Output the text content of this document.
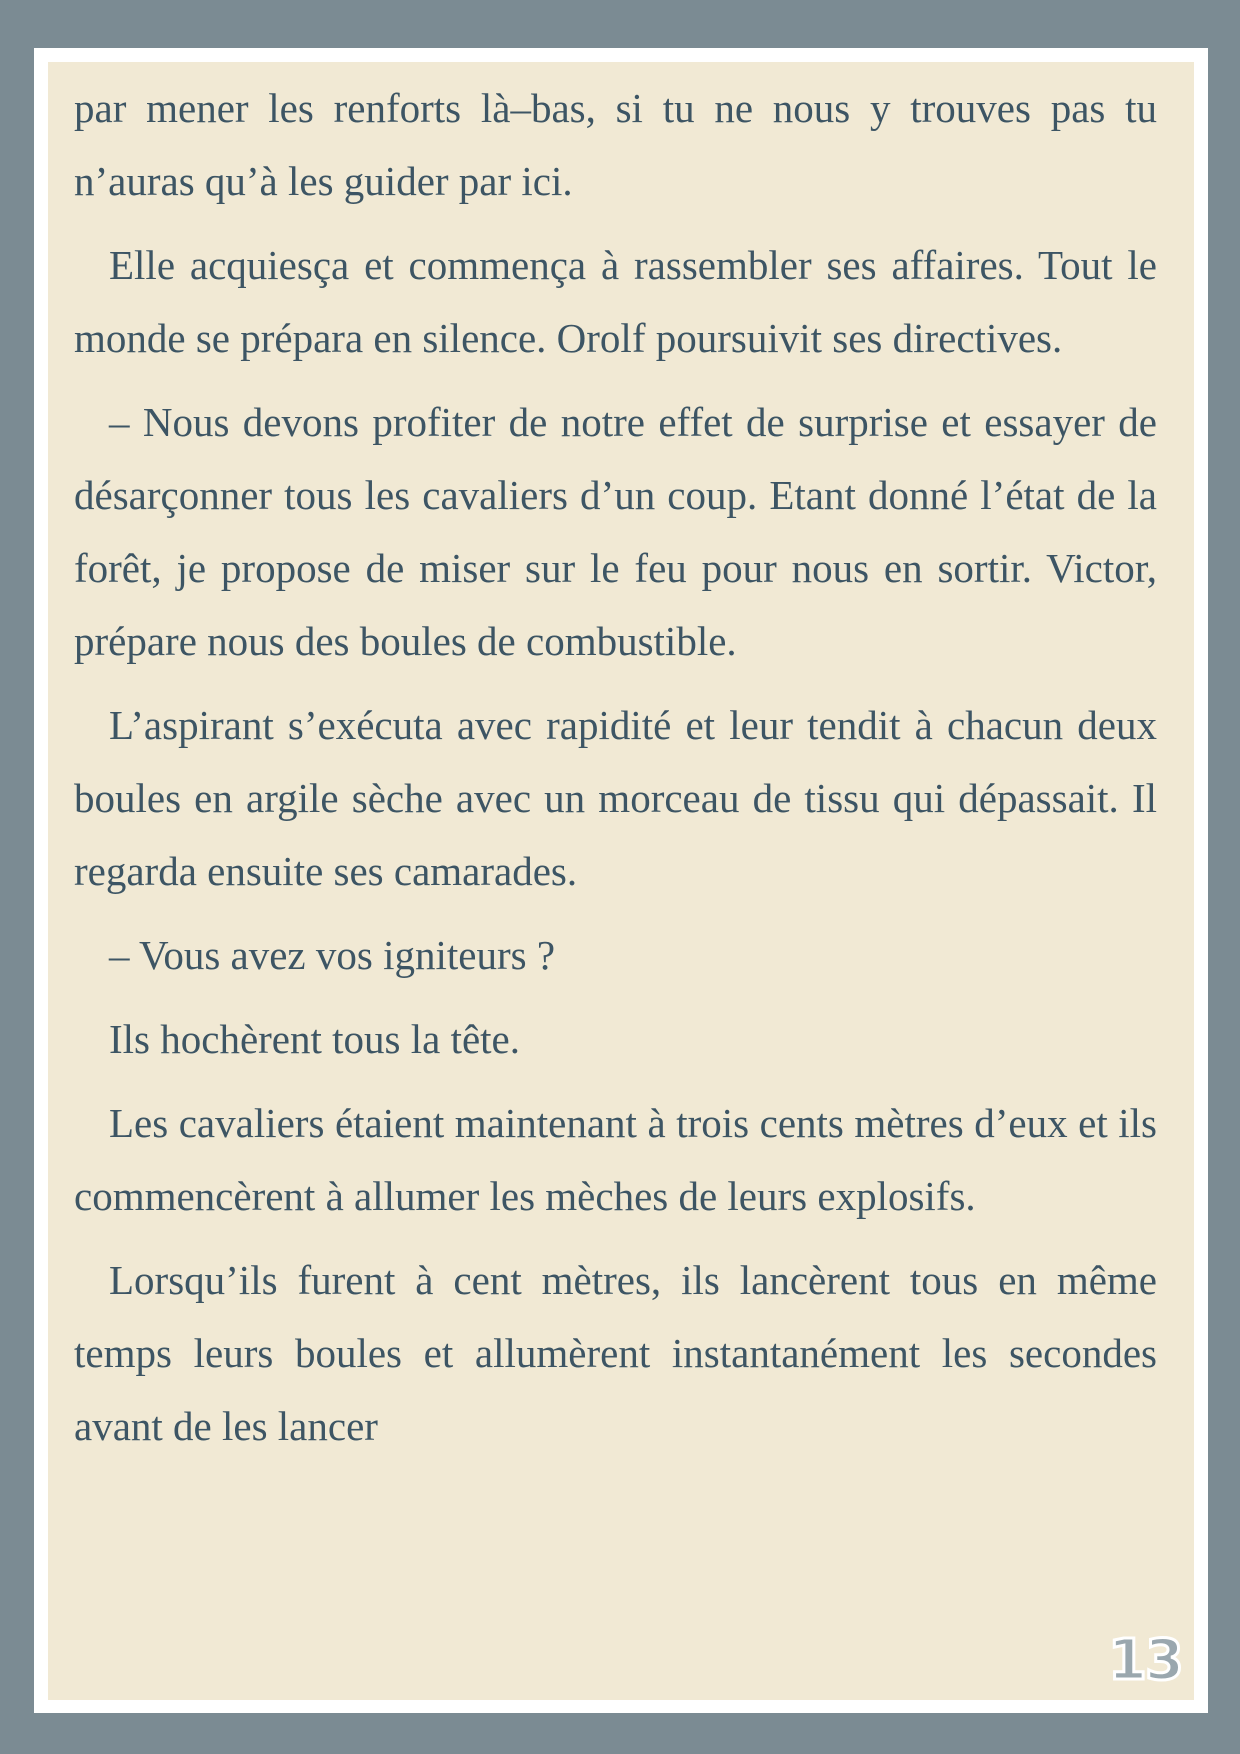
par mener les renforts là–bas, si tu ne nous y trouves pas tu n’auras qu’à les guider par ici.

Elle acquiesça et commença à rassembler ses affaires. Tout le monde se prépara en silence. Orolf poursuivit ses directives.

– Nous devons profiter de notre effet de surprise et essayer de désarçonner tous les cavaliers d’un coup. Etant donné l’état de la forêt, je propose de miser sur le feu pour nous en sortir. Victor, prépare nous des boules de combustible.

L’aspirant s’exécuta avec rapidité et leur tendit à chacun deux boules en argile sèche avec un morceau de tissu qui dépassait. Il regarda ensuite ses camarades.

– Vous avez vos igniteurs ?

Ils hochèrent tous la tête.

Les cavaliers étaient maintenant à trois cents mètres d’eux et ils commencèrent à allumer les mèches de leurs explosifs.

Lorsqu’ils furent à cent mètres, ils lancèrent tous en même temps leurs boules et allumèrent instantanément les secondes avant de les lancer

13
